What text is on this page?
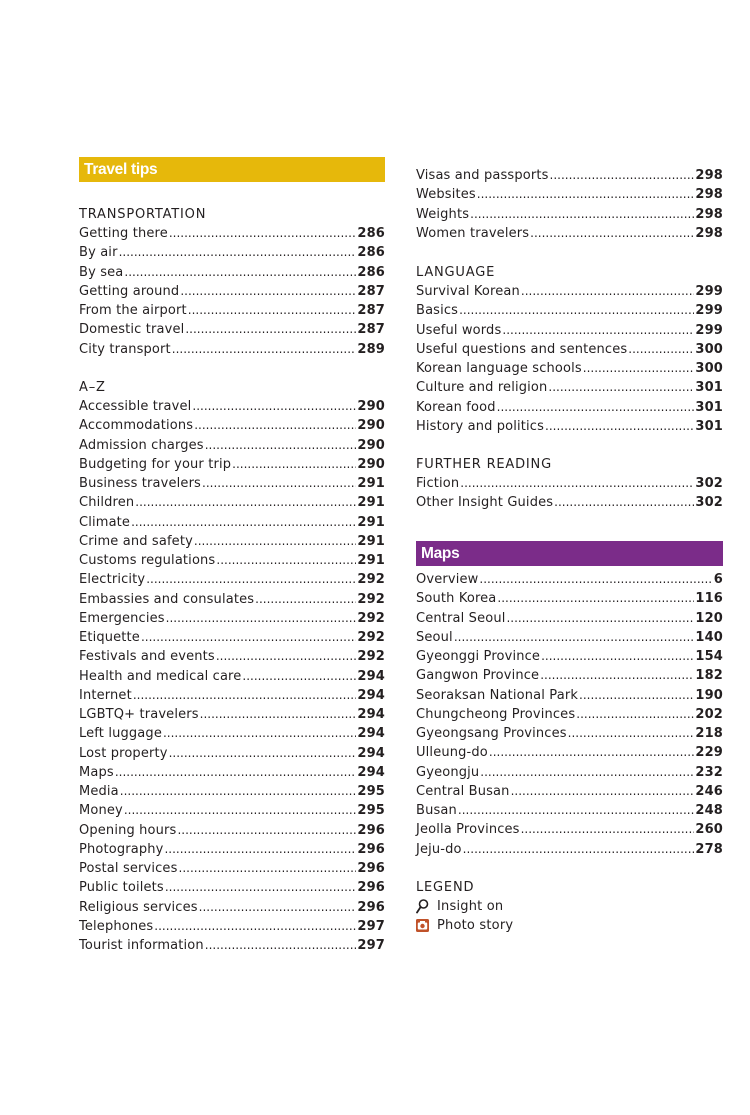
Travel tips
TRANSPORTATION
Getting there .....	286
By air .....	286
By sea .....	286
Getting around .....	287
From the airport .....	287
Domestic travel .....	287
City transport .....	289
A–Z
Accessible travel .....	290
Accommodations .....	290
Admission charges .....	290
Budgeting for your trip .....	290
Business travelers .....	291
Children .....	291
Climate .....	291
Crime and safety .....	291
Customs regulations .....	291
Electricity .....	292
Embassies and consulates .....	292
Emergencies .....	292
Etiquette .....	292
Festivals and events .....	292
Health and medical care .....	294
Internet .....	294
LGBTQ+ travelers .....	294
Left luggage .....	294
Lost property .....	294
Maps .....	294
Media .....	295
Money .....	295
Opening hours .....	296
Photography .....	296
Postal services .....	296
Public toilets .....	296
Religious services .....	296
Telephones .....	297
Tourist information .....	297
Visas and passports .....	298
Websites .....	298
Weights .....	298
Women travelers .....	298
LANGUAGE
Survival Korean .....	299
Basics .....	299
Useful words .....	299
Useful questions and sentences .....	300
Korean language schools .....	300
Culture and religion .....	301
Korean food .....	301
History and politics .....	301
FURTHER READING
Fiction .....	302
Other Insight Guides .....	302
Maps
Overview .....	6
South Korea .....	116
Central Seoul .....	120
Seoul .....	140
Gyeonggi Province .....	154
Gangwon Province .....	182
Seoraksan National Park .....	190
Chungcheong Provinces .....	202
Gyeongsang Provinces .....	218
Ulleung-do .....	229
Gyeongju .....	232
Central Busan .....	246
Busan .....	248
Jeolla Provinces .....	260
Jeju-do .....	278
LEGEND
Insight on
Photo story
